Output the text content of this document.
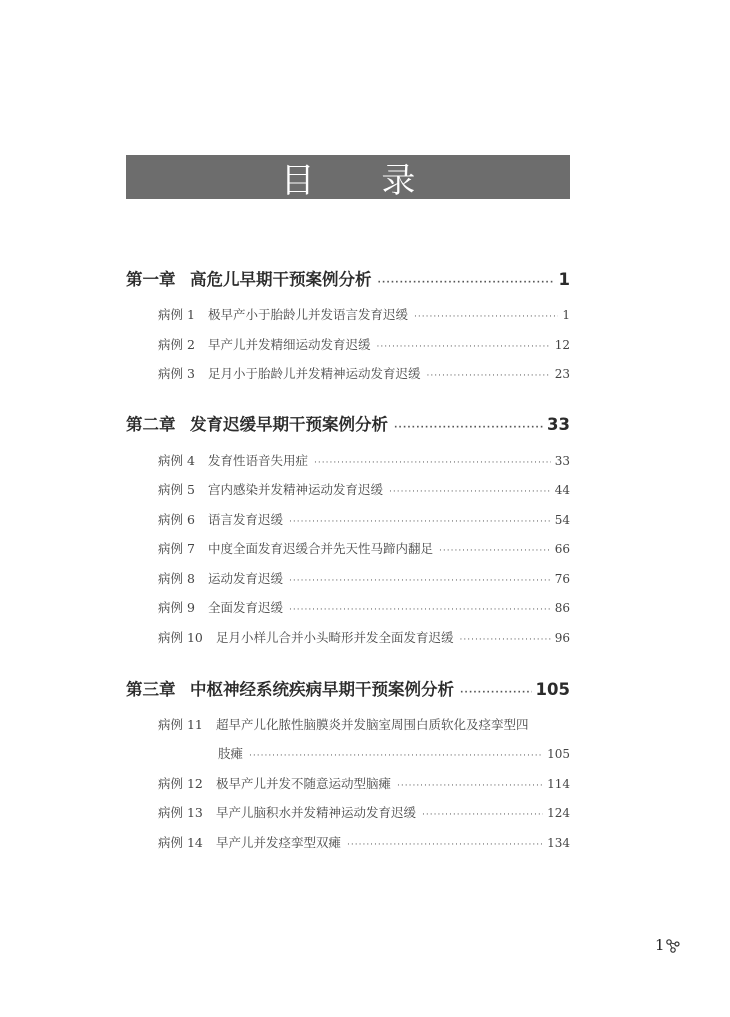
目 录
第一章 高危儿早期干预案例分析 ·····	1
病例 1	极早产小于胎龄儿并发语言发育迟缓 ·····	1
病例 2	早产儿并发精细运动发育迟缓 ·····	12
病例 3	足月小于胎龄儿并发精神运动发育迟缓 ·····	23
第二章 发育迟缓早期干预案例分析 ·····	33
病例 4	发育性语音失用症 ·····	33
病例 5	宫内感染并发精神运动发育迟缓 ·····	44
病例 6	语言发育迟缓 ·····	54
病例 7	中度全面发育迟缓合并先天性马蹄内翻足 ·····	66
病例 8	运动发育迟缓 ·····	76
病例 9	全面发育迟缓 ·····	86
病例 10	足月小样儿合并小头畸形并发全面发育迟缓 ·····	96
第三章 中枢神经系统疾病早期干预案例分析 ·····	105
病例 11	超早产儿化脓性脑膜炎并发脑室周围白质软化及痉挛型四
肢瘫 ·····	105
病例 12	极早产儿并发不随意运动型脑瘫 ·····	114
病例 13	早产儿脑积水并发精神运动发育迟缓 ·····	124
病例 14	早产儿并发痉挛型双瘫 ·····	134
1
